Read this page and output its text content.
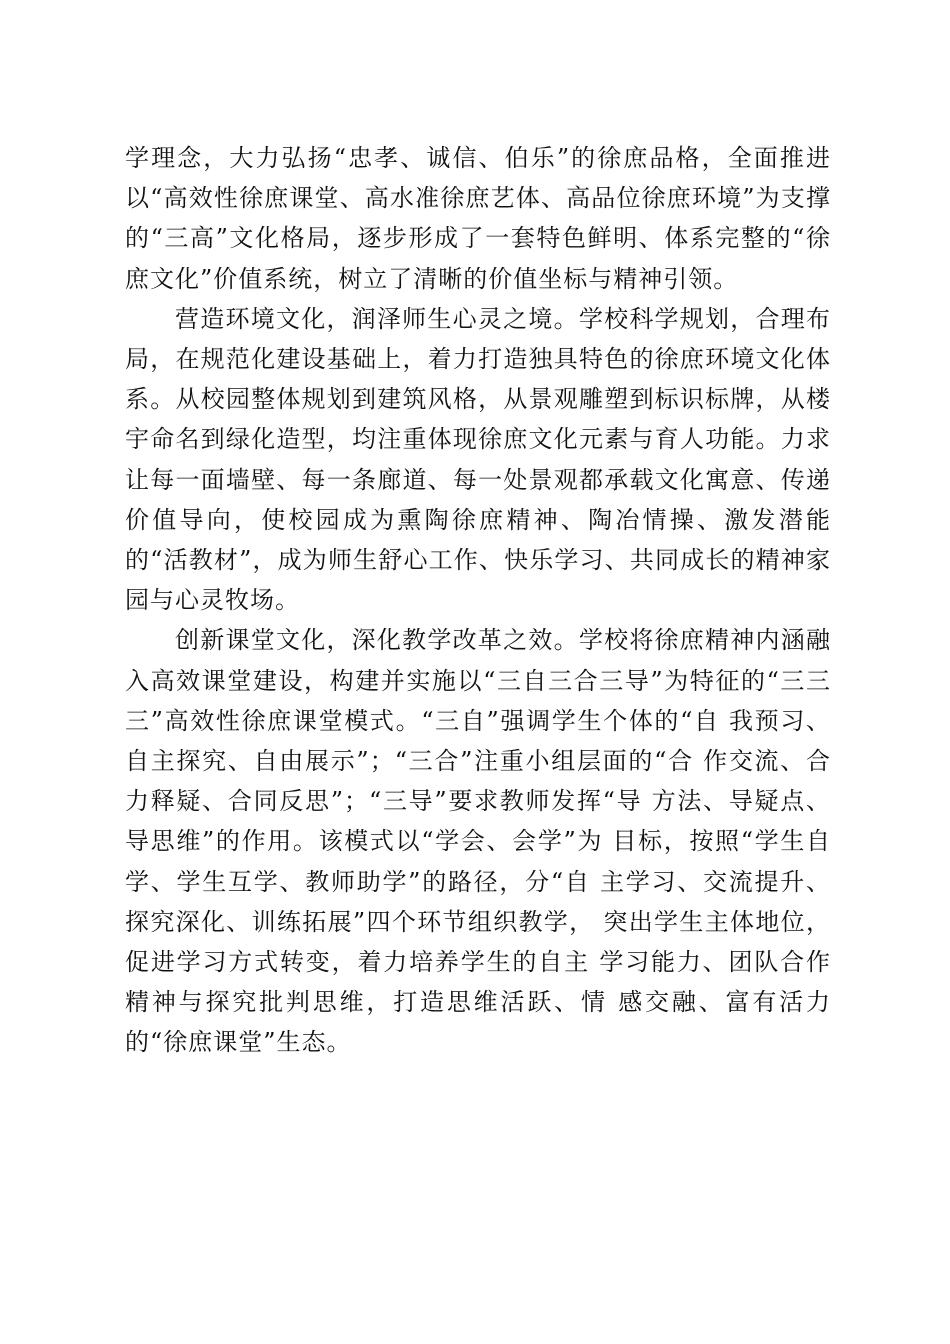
学理念，大力弘扬“忠孝、诚信、伯乐”的徐庶品格，全面推进以“高效性徐庶课堂、高水准徐庶艺体、高品位徐庶环境”为支撑的“三高”文化格局，逐步形成了一套特色鲜明、体系完整的“徐庶文化”价值系统，树立了清晰的价值坐标与精神引领。

营造环境文化，润泽师生心灵之境。学校科学规划，合理布局，在规范化建设基础上，着力打造独具特色的徐庶环境文化体系。从校园整体规划到建筑风格，从景观雕塑到标识标牌，从楼宇命名到绿化造型，均注重体现徐庶文化元素与育人功能。力求让每一面墙壁、每一条廊道、每一处景观都承载文化寓意、传递价值导向，使校园成为熏陶徐庶精神、陶冶情操、激发潜能的“活教材”，成为师生舒心工作、快乐学习、共同成长的精神家园与心灵牧场。

创新课堂文化，深化教学改革之效。学校将徐庶精神内涵融入高效课堂建设，构建并实施以“三自三合三导”为特征的“三三三”高效性徐庶课堂模式。“三自”强调学生个体的“自 我预习、自主探究、自由展示”；“三合”注重小组层面的“合 作交流、合力释疑、合同反思”；“三导”要求教师发挥“导 方法、导疑点、导思维”的作用。该模式以“学会、会学”为 目标，按照“学生自学、学生互学、教师助学”的路径，分“自 主学习、交流提升、探究深化、训练拓展”四个环节组织教学， 突出学生主体地位，促进学习方式转变，着力培养学生的自主 学习能力、团队合作精神与探究批判思维，打造思维活跃、情 感交融、富有活力的“徐庶课堂”生态。
